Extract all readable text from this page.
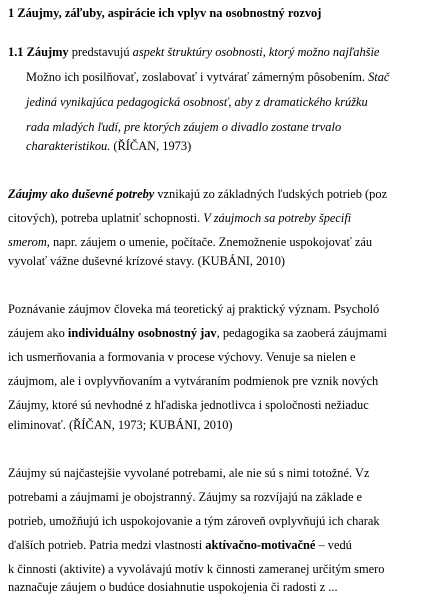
1 Záujmy, záľuby, aspirácie ich vplyv na osobnostný rozvoj
1.1 Záujmy predstavujú aspekt štruktúry osobnosti, ktorý možno najľahšie
Možno ich posilňovať, zoslabovať i vytvárať zámerným pôsobením. Stač
jediná vynikajúca pedagogická osobnosť, aby z dramatického krúžku
rada mladých ľudí, pre ktorých záujem o divadlo zostane trvalo
charakteristikou. (ŘÍČAN, 1973)
Záujmy ako duševné potreby vznikajú zo základných ľudských potrieb (poz
citových), potreba uplatniť schopnosti. V záujmoch sa potreby špecifi
smerom, napr. záujem o umenie, počítače. Znemožnenie uspokojovať záu
vyvolať vážne duševné krízové stavy. (KUBÁNI, 2010)
Poznávanie záujmov človeka má teoretický aj praktický význam. Psycholó
záujem ako individuálny osobnostný jav, pedagogika sa zaoberá záujmami
ich usmerňovania a formovania v procese výchovy. Venuje sa nielen e
záujmom, ale i ovplyvňovaním a vytváraním podmienok pre vznik nových
Záujmy, ktoré sú nevhodné z hľadiska jednotlivca i spoločnosti nežiaduc
eliminovať. (ŘÍČAN, 1973; KUBÁNI, 2010)
Záujmy sú najčastejšie vyvolané potrebami, ale nie sú s nimi totožné. Vz
potrebami a záujmami je obojstranný. Záujmy sa rozvíjajú na základe e
potrieb, umožňujú ich uspokojovanie a tým zároveň ovplyvňujú ich charak
ďalších potrieb. Patria medzi vlastnosti aktívačno-motivačné – vedú
k činnosti (aktivite) a vyvolávajú motív k činnosti zameranej určitým smero
naznačuje záujem o budúce dosiahnutie uspokojenia či radosti z ...
